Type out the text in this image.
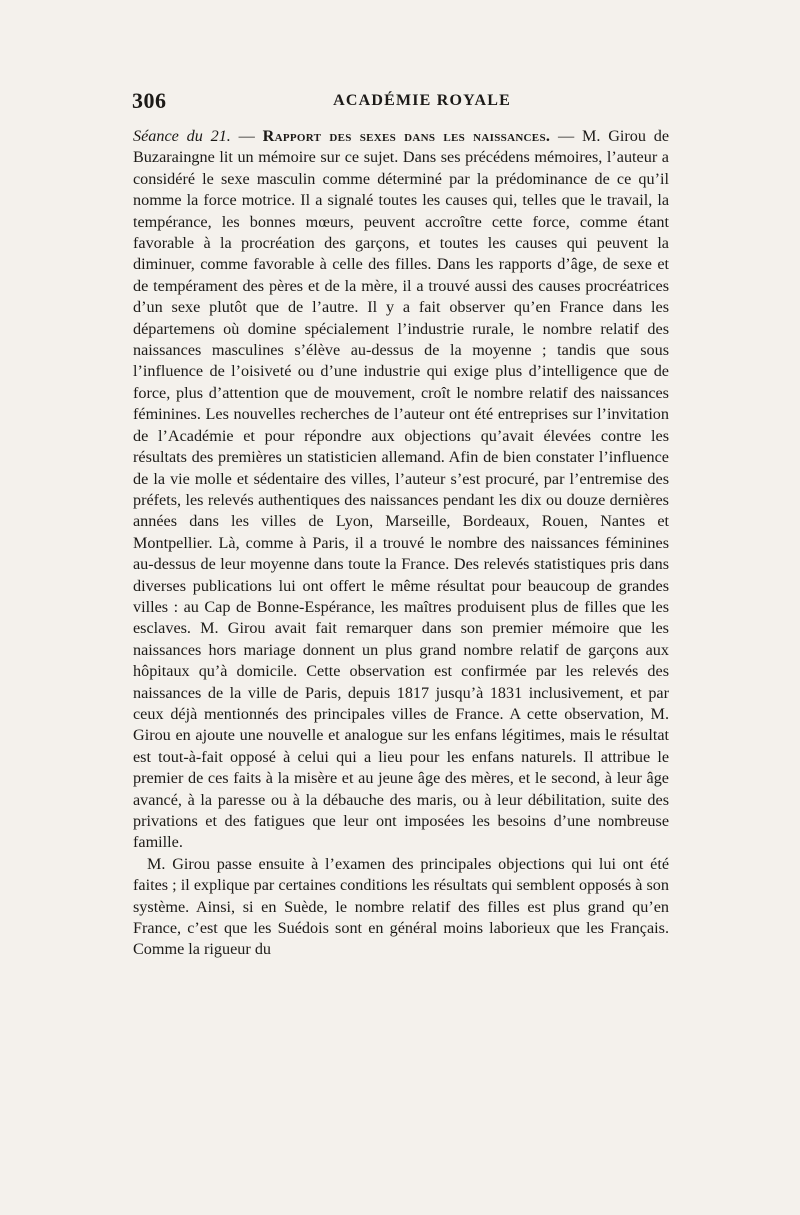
306	ACADÉMIE ROYALE

Séance du 21. — Rapport des sexes dans les naissances. — M. Girou de Buzaraingne lit un mémoire sur ce sujet. Dans ses précédens mémoires, l’auteur a considéré le sexe masculin comme déterminé par la prédominance de ce qu’il nomme la force motrice. Il a signalé toutes les causes qui, telles que le travail, la tempérance, les bonnes mœurs, peuvent accroître cette force, comme étant favorable à la procréation des garçons, et toutes les causes qui peuvent la diminuer, comme favorable à celle des filles. Dans les rapports d’âge, de sexe et de tempérament des pères et de la mère, il a trouvé aussi des causes procréatrices d’un sexe plutôt que de l’autre. Il y a fait observer qu’en France dans les départemens où domine spécialement l’industrie rurale, le nombre relatif des naissances masculines s’élève au-dessus de la moyenne ; tandis que sous l’influence de l’oisiveté ou d’une industrie qui exige plus d’intelligence que de force, plus d’attention que de mouvement, croît le nombre relatif des naissances féminines. Les nouvelles recherches de l’auteur ont été entreprises sur l’invitation de l’Académie et pour répondre aux objections qu’avait élevées contre les résultats des premières un statisticien allemand. Afin de bien constater l’influence de la vie molle et sédentaire des villes, l’auteur s’est procuré, par l’entremise des préfets, les relevés authentiques des naissances pendant les dix ou douze dernières années dans les villes de Lyon, Marseille, Bordeaux, Rouen, Nantes et Montpellier. Là, comme à Paris, il a trouvé le nombre des naissances féminines au-dessus de leur moyenne dans toute la France. Des relevés statistiques pris dans diverses publications lui ont offert le même résultat pour beaucoup de grandes villes : au Cap de Bonne-Espérance, les maîtres produisent plus de filles que les esclaves. M. Girou avait fait remarquer dans son premier mémoire que les naissances hors mariage donnent un plus grand nombre relatif de garçons aux hôpitaux qu’à domicile. Cette observation est confirmée par les relevés des naissances de la ville de Paris, depuis 1817 jusqu’à 1831 inclusivement, et par ceux déjà mentionnés des principales villes de France. A cette observation, M. Girou en ajoute une nouvelle et analogue sur les enfans légitimes, mais le résultat est tout-à-fait opposé à celui qui a lieu pour les enfans naturels. Il attribue le premier de ces faits à la misère et au jeune âge des mères, et le second, à leur âge avancé, à la paresse ou à la débauche des maris, ou à leur débilitation, suite des privations et des fatigues que leur ont imposées les besoins d’une nombreuse famille.

M. Girou passe ensuite à l’examen des principales objections qui lui ont été faites ; il explique par certaines conditions les résultats qui semblent opposés à son système. Ainsi, si en Suède, le nombre relatif des filles est plus grand qu’en France, c’est que les Suédois sont en général moins laborieux que les Français. Comme la rigueur du
